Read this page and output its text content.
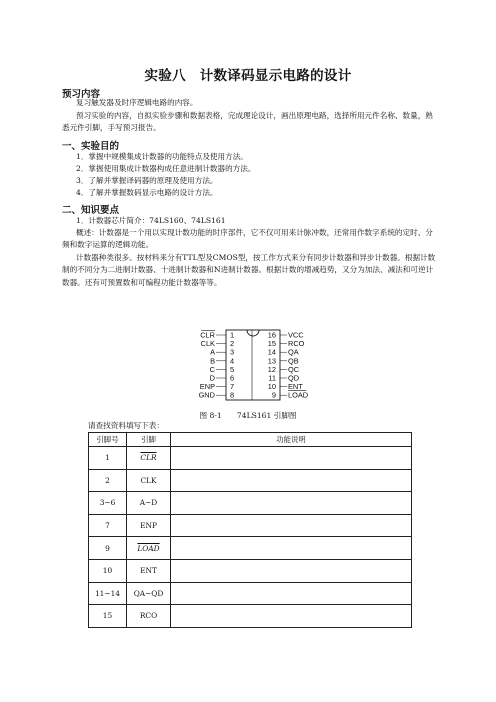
实验八　计数译码显示电路的设计
预习内容
复习触发器及时序逻辑电路的内容。
预习实验的内容，自拟实验步骤和数据表格，完成理论设计，画出原理电路，选择所用元件名称、数量，熟悉元件引脚，手写预习报告。
一、实验目的
1．掌握中规模集成计数器的功能特点及使用方法。
2．掌握使用集成计数器构成任意进制计数器的方法。
3．了解并掌握译码器的原理及使用方法。
4．了解并掌握数码显示电路的设计方法。
二、知识要点
1．计数器芯片简介：74LS160、74LS161
概述：计数器是一个用以实现计数功能的时序部件，它不仅可用来计脉冲数，还常用作数字系统的定时、分频和数字运算的逻辑功能。
计数器种类很多。按材料来分有TTL型及CMOS型，按工作方式来分有同步计数器和异步计数器。根据计数制的不同分为二进制计数器、十进制计数器和N进制计数器。根据计数的增减趋势，又分为加法、减法和可逆计数器。还有可预置数和可编程功能计数器等等。
CLR 1
CLK 2
A 3
B 4
C 5
D 6
ENP 7
GND 8
16 VCC
15 RCO
14 QA
13 QB
12 QC
11 QD
10 ENT
9 LOAD
图 8-1　　74LS161 引脚图
请查找资料填写下表：
引脚号	引脚	功能说明
1	$\overline{CLR}$	
2	CLK	
3~6	A~D	
7	ENP	
9	LOAD	
10	ENT	
11~14	QA~QD	
15	RCO	
